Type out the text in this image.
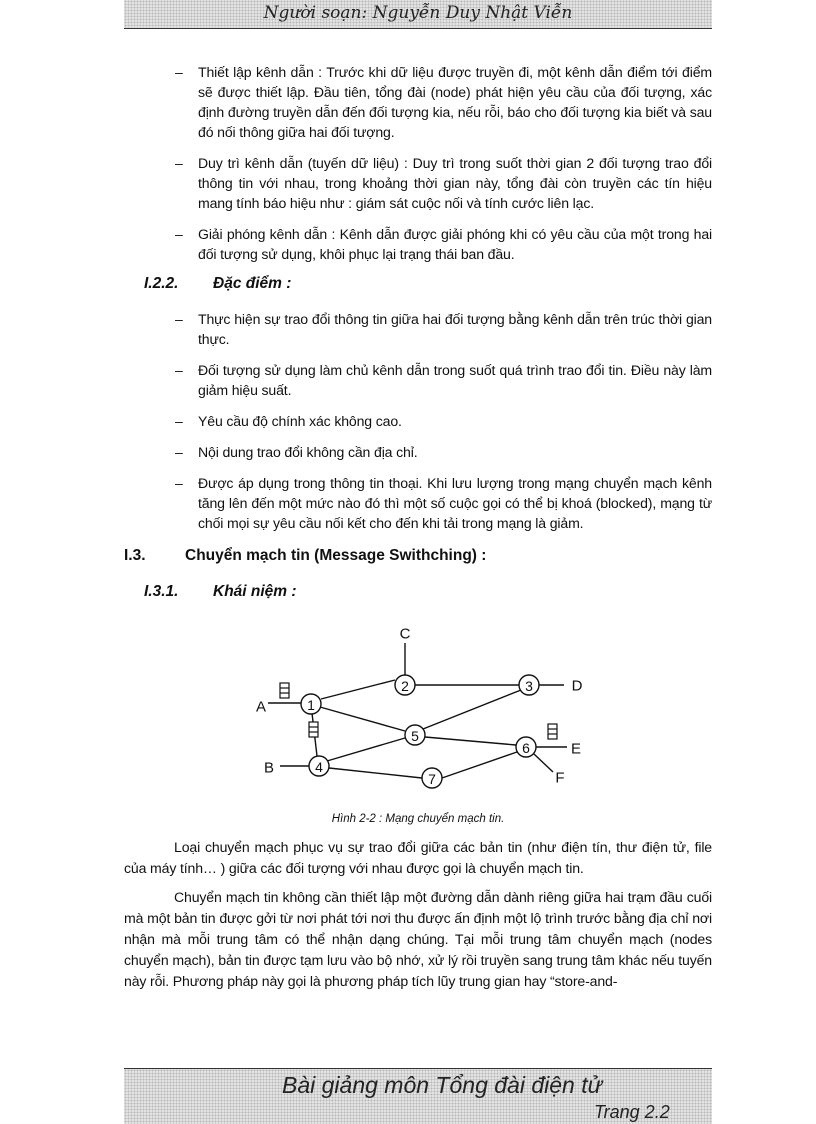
Người soạn: Nguyễn Duy Nhật Viễn
– Thiết lập kênh dẫn : Trước khi dữ liệu được truyền đi, một kênh dẫn điểm tới điểm sẽ được thiết lập. Đầu tiên, tổng đài (node) phát hiện yêu cầu của đối tượng, xác định đường truyền dẫn đến đối tượng kia, nếu rỗi, báo cho đối tượng kia biết và sau đó nối thông giữa hai đối tượng.
– Duy trì kênh dẫn (tuyến dữ liệu) : Duy trì trong suốt thời gian 2 đối tượng trao đổi thông tin với nhau, trong khoảng thời gian này, tổng đài còn truyền các tín hiệu mang tính báo hiệu như : giám sát cuộc nối và tính cước liên lạc.
– Giải phóng kênh dẫn : Kênh dẫn được giải phóng khi có yêu cầu của một trong hai đối tượng sử dụng, khôi phục lại trạng thái ban đầu.
I.2.2. Đặc điểm :
– Thực hiện sự trao đổi thông tin giữa hai đối tượng bằng kênh dẫn trên trúc thời gian thực.
– Đối tượng sử dụng làm chủ kênh dẫn trong suốt quá trình trao đổi tin. Điều này làm giảm hiệu suất.
– Yêu cầu độ chính xác không cao.
– Nội dung trao đổi không cần địa chỉ.
– Được áp dụng trong thông tin thoại. Khi lưu lượng trong mạng chuyển mạch kênh tăng lên đến một mức nào đó thì một số cuộc gọi có thể bị khoá (blocked), mạng từ chối mọi sự yêu cầu nối kết cho đến khi tải trong mạng là giảm.
I.3.	Chuyển mạch tin (Message Swithching) :
I.3.1. Khái niệm :
1
2	3
4
5
6
7
A
B
C
D
E
F

Hình 2-2 : Mạng chuyển mạch tin.

Loại chuyển mạch phục vụ sự trao đổi giữa các bản tin (như điện tín, thư điện tử, file của máy tính… ) giữa các đối tượng với nhau được gọi là chuyển mạch tin.

Chuyển mạch tin không cần thiết lập một đường dẫn dành riêng giữa hai trạm đầu cuối mà một bản tin được gởi từ nơi phát tới nơi thu được ấn định một lộ trình trước bằng địa chỉ nơi nhận mà mỗi trung tâm có thể nhận dạng chúng. Tại mỗi trung tâm chuyển mạch (nodes chuyển mạch), bản tin được tạm lưu vào bộ nhớ, xử lý rồi truyền sang trung tâm khác nếu tuyến này rỗi. Phương pháp này gọi là phương pháp tích lũy trung gian hay “store-and-

Bài giảng môn Tổng đài điện tử
Trang 2.2
